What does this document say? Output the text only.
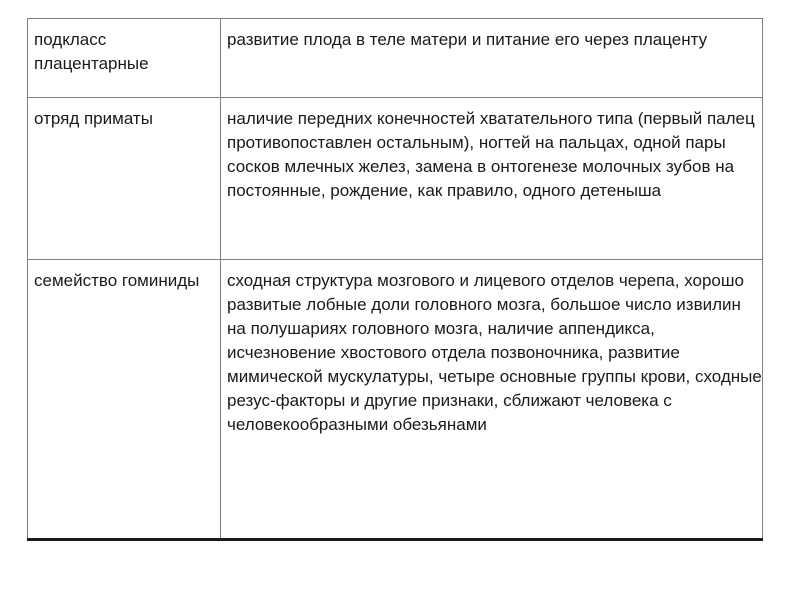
подкласс плацентарные	развитие плода в теле матери и питание его через плаценту

отряд приматы	наличие передних конечностей хватательного типа (первый палец противопоставлен остальным), ногтей на пальцах, одной пары сосков млечных желез, замена в онтогенезе молочных зубов на постоянные, рождение, как правило, одного детеныша

семейство гоминиды	сходная структура мозгового и лицевого отделов черепа, хорошо развитые лобные доли головного мозга, большое число извилин на полушариях головного мозга, наличие аппендикса, исчезновение хвостового отдела позвоночника, развитие мимической мускулатуры, четыре основные группы крови, сходные резус-факторы и другие признаки, сближают человека с человекообразными обезьянами
